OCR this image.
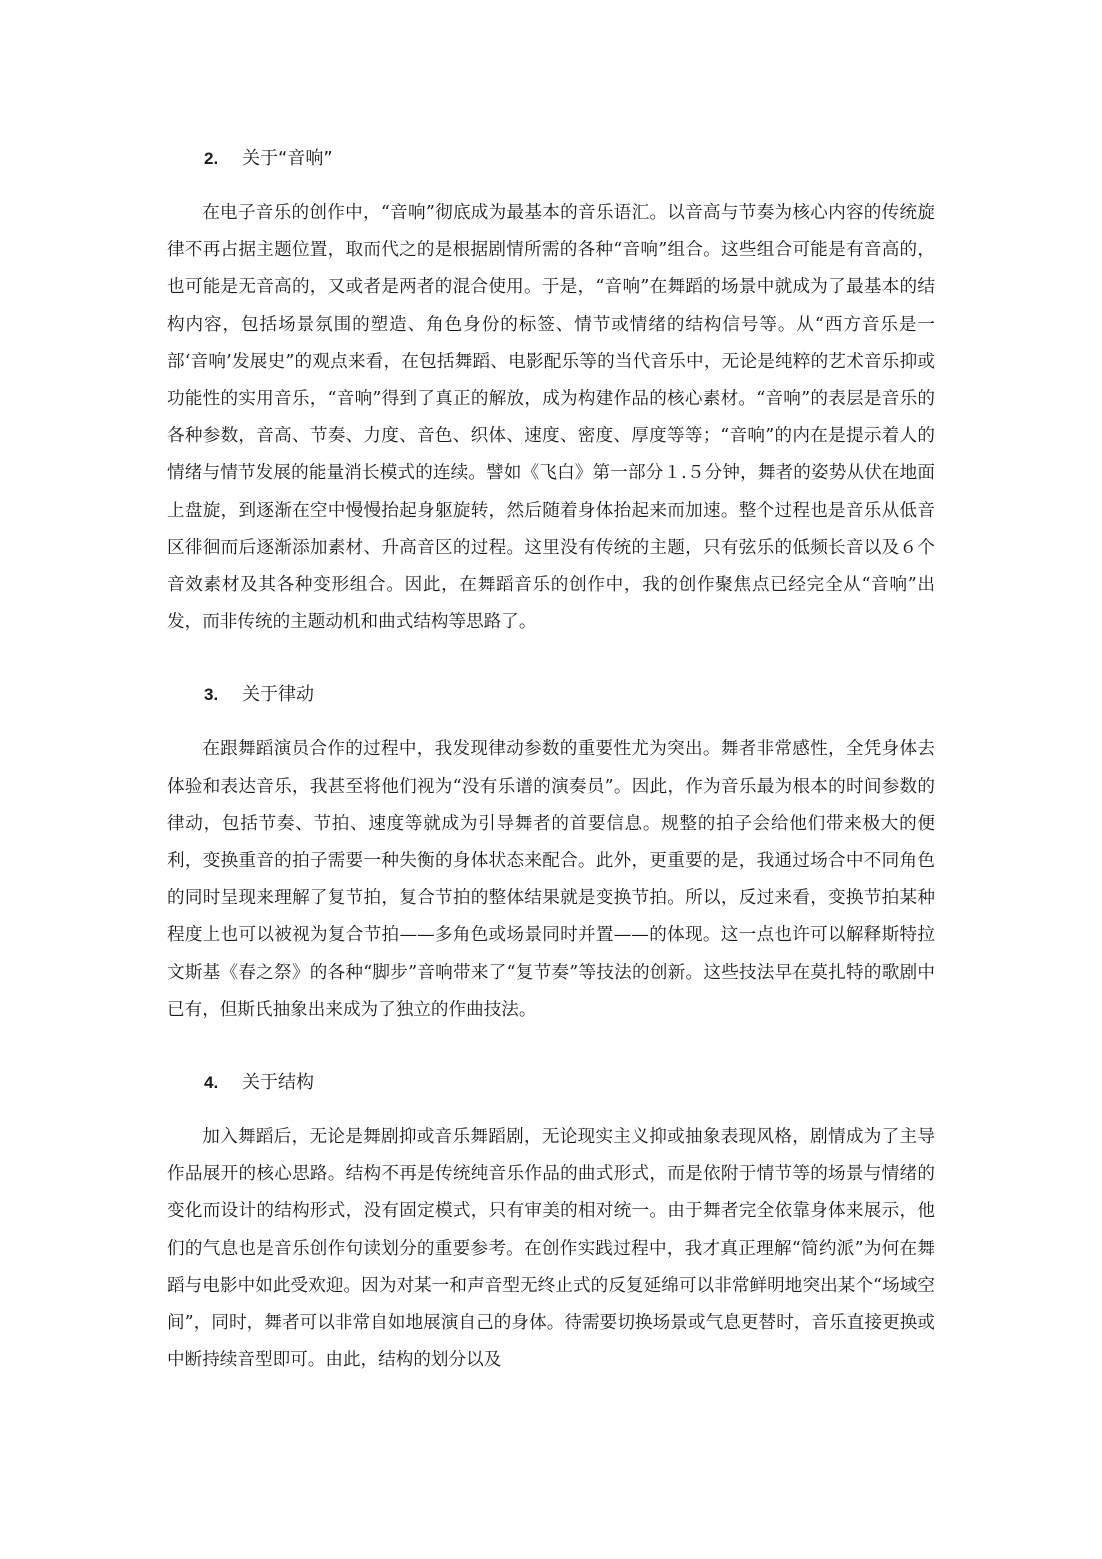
2. 关于“音响”

在电子音乐的创作中，“音响”彻底成为最基本的音乐语汇。以音高与节奏为核心内容的传统旋律不再占据主题位置，取而代之的是根据剧情所需的各种“音响”组合。这些组合可能是有音高的，也可能是无音高的，又或者是两者的混合使用。于是，“音响”在舞蹈的场景中就成为了最基本的结构内容，包括场景氛围的塑造、角色身份的标签、情节或情绪的结构信号等。从“西方音乐是一部‘音响’发展史”的观点来看，在包括舞蹈、电影配乐等的当代音乐中，无论是纯粹的艺术音乐抑或功能性的实用音乐，“音响”得到了真正的解放，成为构建作品的核心素材。“音响”的表层是音乐的各种参数，音高、节奏、力度、音色、织体、速度、密度、厚度等等；“音响”的内在是提示着人的情绪与情节发展的能量消长模式的连续。譬如《飞白》第一部分１.５分钟，舞者的姿势从伏在地面上盘旋，到逐渐在空中慢慢抬起身躯旋转，然后随着身体抬起来而加速。整个过程也是音乐从低音区徘徊而后逐渐添加素材、升高音区的过程。这里没有传统的主题，只有弦乐的低频长音以及６个音效素材及其各种变形组合。因此，在舞蹈音乐的创作中，我的创作聚焦点已经完全从“音响”出发，而非传统的主题动机和曲式结构等思路了。

3. 关于律动

在跟舞蹈演员合作的过程中，我发现律动参数的重要性尤为突出。舞者非常感性，全凭身体去体验和表达音乐，我甚至将他们视为“没有乐谱的演奏员”。因此，作为音乐最为根本的时间参数的律动，包括节奏、节拍、速度等就成为引导舞者的首要信息。规整的拍子会给他们带来极大的便利，变换重音的拍子需要一种失衡的身体状态来配合。此外，更重要的是，我通过场合中不同角色的同时呈现来理解了复节拍，复合节拍的整体结果就是变换节拍。所以，反过来看，变换节拍某种程度上也可以被视为复合节拍——多角色或场景同时并置——的体现。这一点也许可以解释斯特拉文斯基《春之祭》的各种“脚步”音响带来了“复节奏”等技法的创新。这些技法早在莫扎特的歌剧中已有，但斯氏抽象出来成为了独立的作曲技法。

4. 关于结构

加入舞蹈后，无论是舞剧抑或音乐舞蹈剧，无论现实主义抑或抽象表现风格，剧情成为了主导作品展开的核心思路。结构不再是传统纯音乐作品的曲式形式，而是依附于情节等的场景与情绪的变化而设计的结构形式，没有固定模式，只有审美的相对统一。由于舞者完全依靠身体来展示，他们的气息也是音乐创作句读划分的重要参考。在创作实践过程中，我才真正理解“简约派”为何在舞蹈与电影中如此受欢迎。因为对某一和声音型无终止式的反复延绵可以非常鲜明地突出某个“场域空间”，同时，舞者可以非常自如地展演自己的身体。待需要切换场景或气息更替时，音乐直接更换或中断持续音型即可。由此，结构的划分以及
